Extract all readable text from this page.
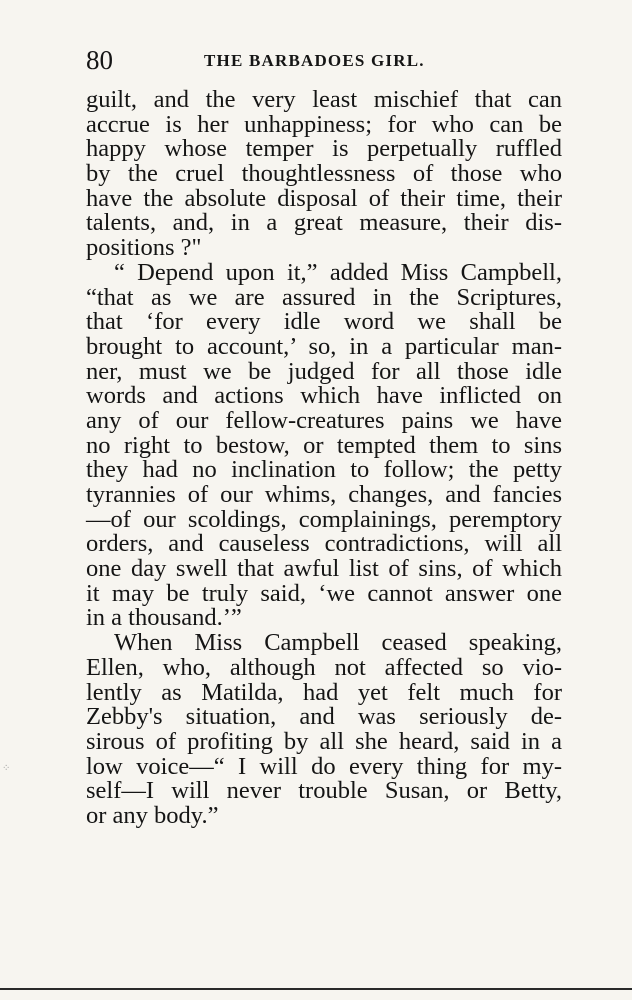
80	THE BARBADOES GIRL.
guilt, and the very least mischief that can
accrue is her unhappiness; for who can be
happy whose temper is perpetually ruffled
by the cruel thoughtlessness of those who
have the absolute disposal of their time, their
talents, and, in a great measure, their dis-
positions ?"
“ Depend upon it,” added Miss Campbell,
“that as we are assured in the Scriptures,
that ‘for every idle word we shall be
brought to account,’ so, in a particular man-
ner, must we be judged for all those idle
words and actions which have inflicted on
any of our fellow-creatures pains we have
no right to bestow, or tempted them to sins
they had no inclination to follow; the petty
tyrannies of our whims, changes, and fancies
—of our scoldings, complainings, peremptory
orders, and causeless contradictions, will all
one day swell that awful list of sins, of which
it may be truly said, ‘we cannot answer one
in a thousand.’”
When Miss Campbell ceased speaking,
Ellen, who, although not affected so vio-
lently as Matilda, had yet felt much for
Zebby's situation, and was seriously de-
sirous of profiting by all she heard, said in a
low voice—“ I will do every thing for my-
self—I will never trouble Susan, or Betty,
or any body.”
⁘
